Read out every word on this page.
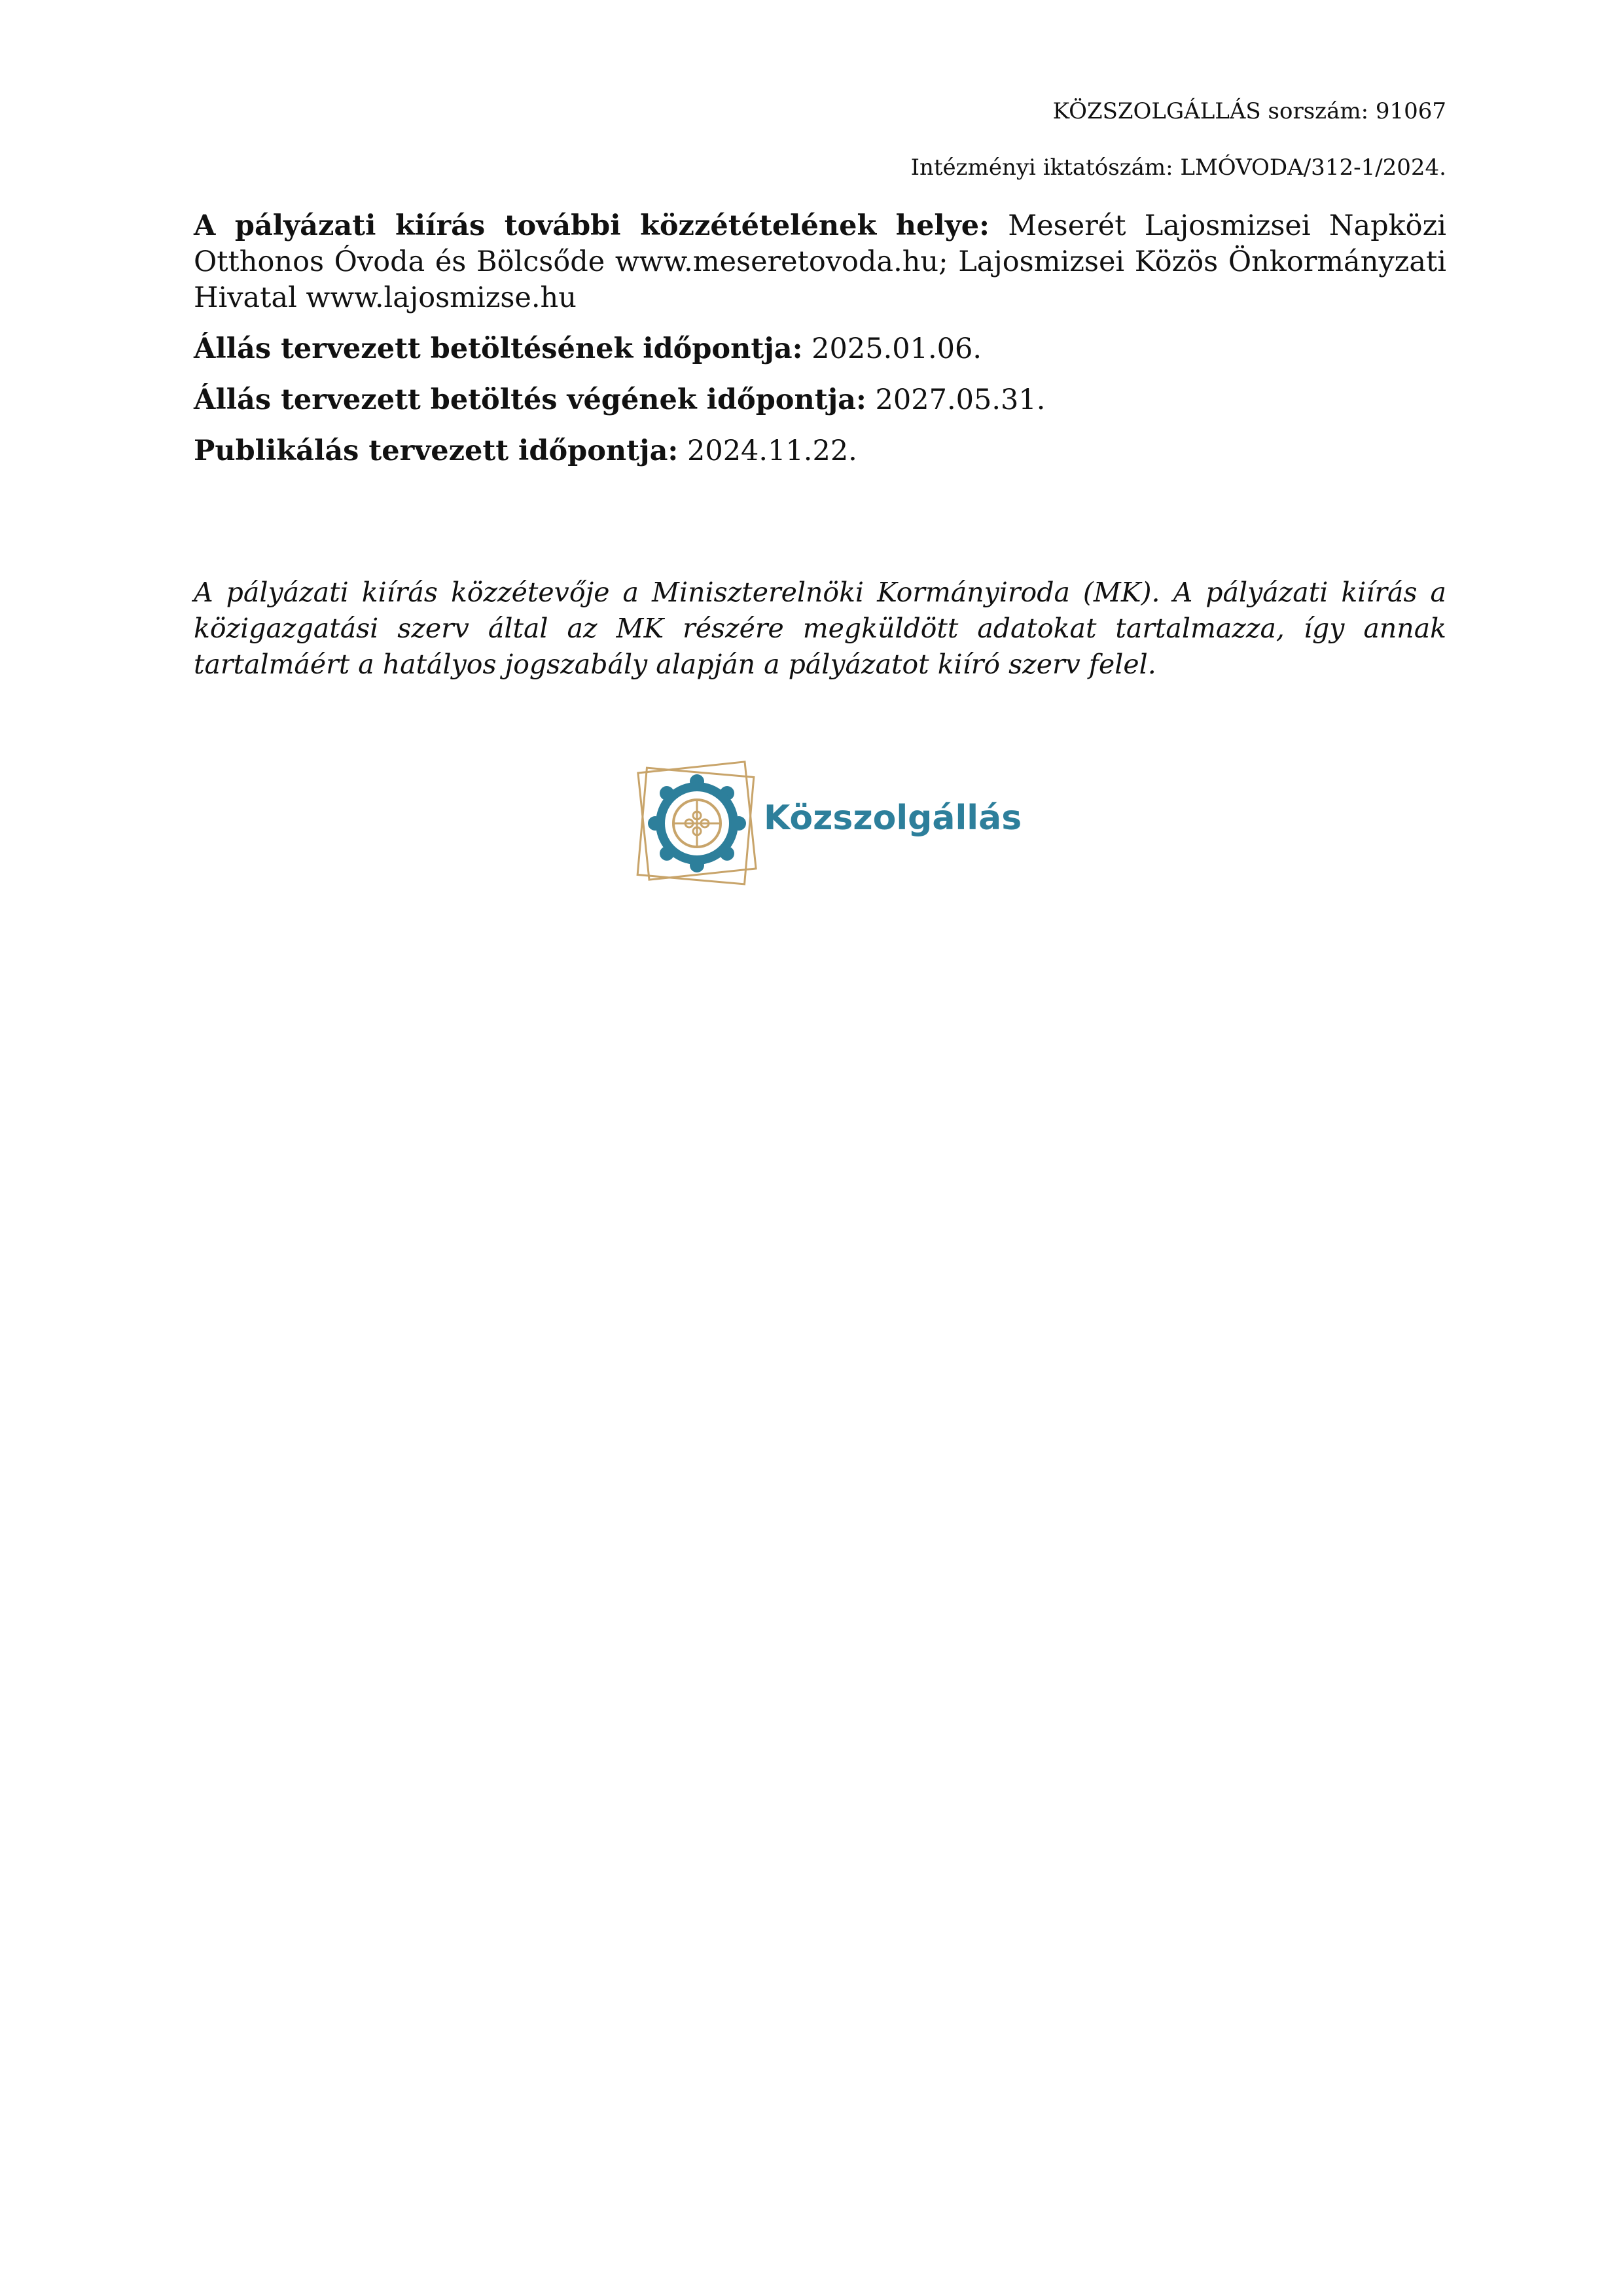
KÖZSZOLGÁLLÁS sorszám: 91067
Intézményi iktatószám: LMÓVODA/312-1/2024.

A pályázati kiírás további közzétételének helye: Meserét Lajosmizsei Napközi Otthonos Óvoda és Bölcsőde www.meseretovoda.hu; Lajosmizsei Közös Önkormányzati Hivatal www.lajosmizse.hu

Állás tervezett betöltésének időpontja: 2025.01.06.

Állás tervezett betöltés végének időpontja: 2027.05.31.

Publikálás tervezett időpontja: 2024.11.22.

A pályázati kiírás közzétevője a Miniszterelnöki Kormányiroda (MK). A pályázati kiírás a közigazgatási szerv által az MK részére megküldött adatokat tartalmazza, így annak tartalmáért a hatályos jogszabály alapján a pályázatot kiíró szerv felel.

Közszolgállás
